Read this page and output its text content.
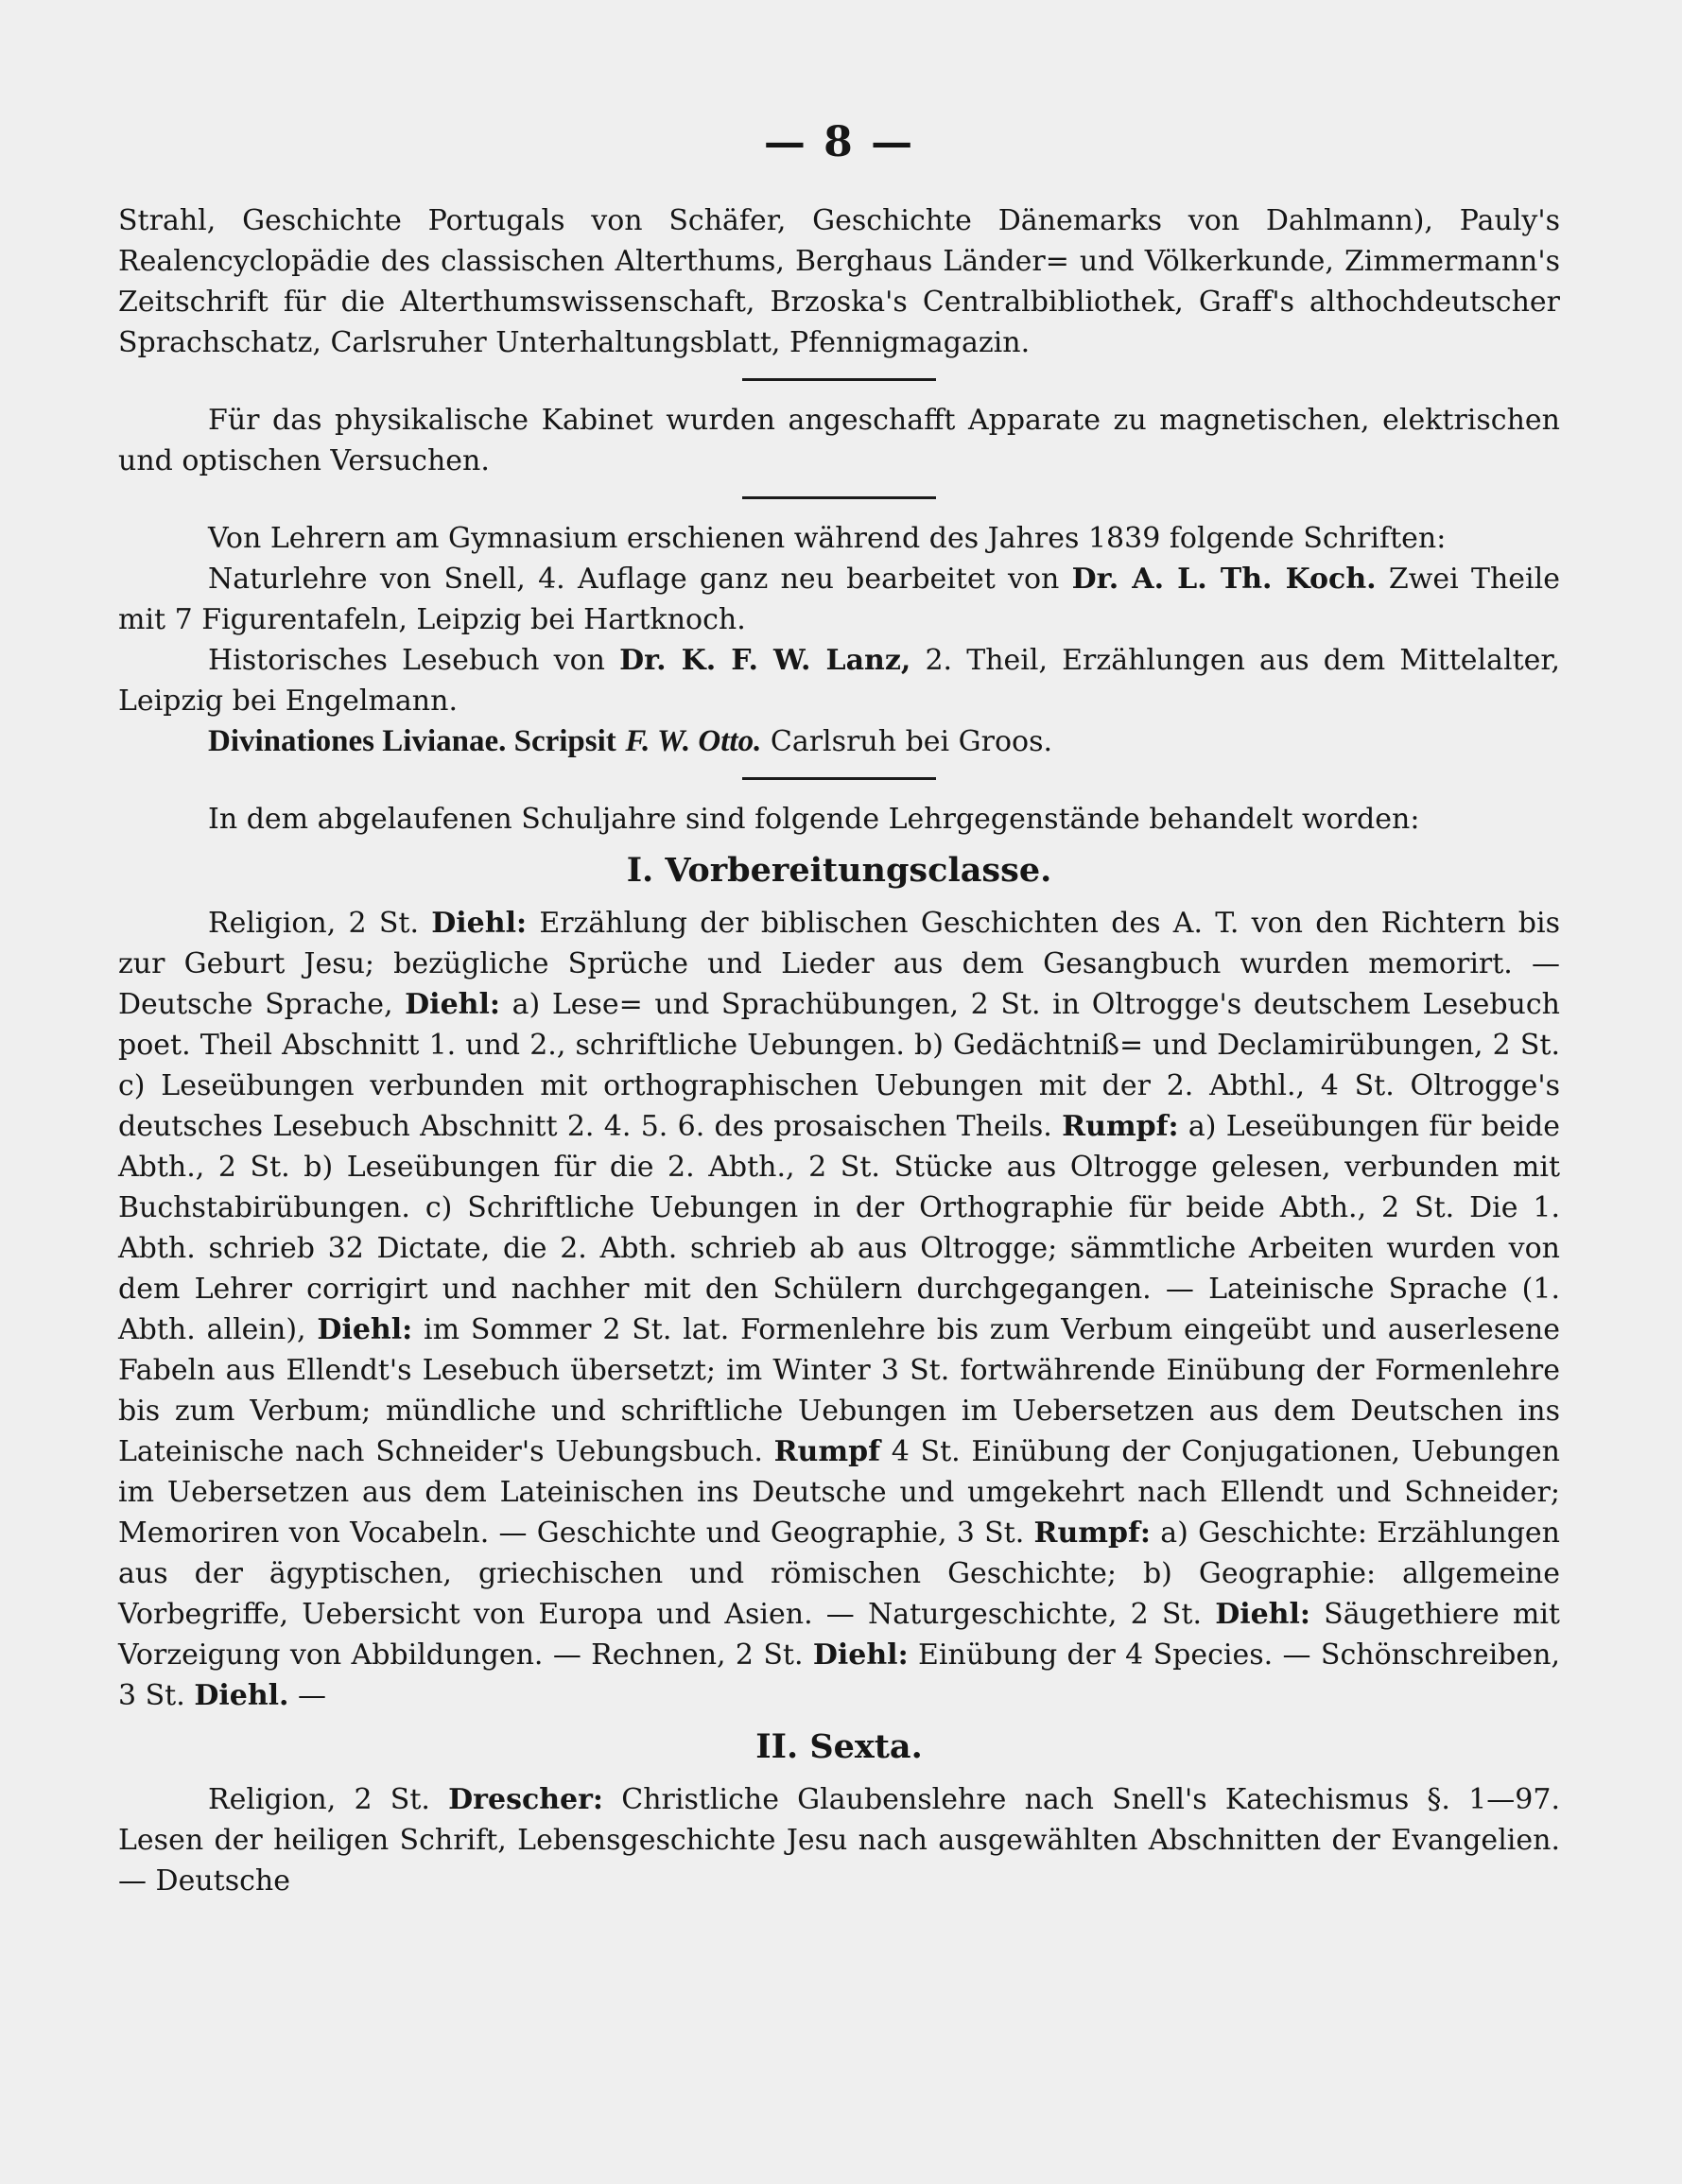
— 8 —

Strahl, Geschichte Portugals von Schäfer, Geschichte Dänemarks von Dahlmann), Pauly's Realencyclopädie des classischen Alterthums, Berghaus Länder= und Völkerkunde, Zimmermann's Zeitschrift für die Alterthumswissenschaft, Brzoska's Centralbibliothek, Graff's althochdeutscher Sprachschatz, Carlsruher Unterhaltungsblatt, Pfennigmagazin.

Für das physikalische Kabinet wurden angeschafft Apparate zu magnetischen, elektrischen und optischen Versuchen.

Von Lehrern am Gymnasium erschienen während des Jahres 1839 folgende Schriften:

Naturlehre von Snell, 4. Auflage ganz neu bearbeitet von Dr. A. L. Th. Koch. Zwei Theile mit 7 Figurentafeln, Leipzig bei Hartknoch.

Historisches Lesebuch von Dr. K. F. W. Lanz, 2. Theil, Erzählungen aus dem Mittelalter, Leipzig bei Engelmann.

Divinationes Livianae. Scripsit F. W. Otto. Carlsruh bei Groos.

In dem abgelaufenen Schuljahre sind folgende Lehrgegenstände behandelt worden:

I. Vorbereitungsclasse.

Religion, 2 St. Diehl: Erzählung der biblischen Geschichten des A. T. von den Richtern bis zur Geburt Jesu; bezügliche Sprüche und Lieder aus dem Gesangbuch wurden memorirt. — Deutsche Sprache, Diehl: a) Lese= und Sprachübungen, 2 St. in Oltrogge's deutschem Lesebuch poet. Theil Abschnitt 1. und 2., schriftliche Uebungen. b) Gedächtniß= und Declamirübungen, 2 St. c) Leseübungen verbunden mit orthographischen Uebungen mit der 2. Abthl., 4 St. Oltrogge's deutsches Lesebuch Abschnitt 2. 4. 5. 6. des prosaischen Theils. Rumpf: a) Leseübungen für beide Abth., 2 St. b) Leseübungen für die 2. Abth., 2 St. Stücke aus Oltrogge gelesen, verbunden mit Buchstabirübungen. c) Schriftliche Uebungen in der Orthographie für beide Abth., 2 St. Die 1. Abth. schrieb 32 Dictate, die 2. Abth. schrieb ab aus Oltrogge; sämmtliche Arbeiten wurden von dem Lehrer corrigirt und nachher mit den Schülern durchgegangen. — Lateinische Sprache (1. Abth. allein), Diehl: im Sommer 2 St. lat. Formenlehre bis zum Verbum eingeübt und auserlesene Fabeln aus Ellendt's Lesebuch übersetzt; im Winter 3 St. fortwährende Einübung der Formenlehre bis zum Verbum; mündliche und schriftliche Uebungen im Uebersetzen aus dem Deutschen ins Lateinische nach Schneider's Uebungsbuch. Rumpf 4 St. Einübung der Conjugationen, Uebungen im Uebersetzen aus dem Lateinischen ins Deutsche und umgekehrt nach Ellendt und Schneider; Memoriren von Vocabeln. — Geschichte und Geographie, 3 St. Rumpf: a) Geschichte: Erzählungen aus der ägyptischen, griechischen und römischen Geschichte; b) Geographie: allgemeine Vorbegriffe, Uebersicht von Europa und Asien. — Naturgeschichte, 2 St. Diehl: Säugethiere mit Vorzeigung von Abbildungen. — Rechnen, 2 St. Diehl: Einübung der 4 Species. — Schönschreiben, 3 St. Diehl. —

II. Sexta.

Religion, 2 St. Drescher: Christliche Glaubenslehre nach Snell's Katechismus §. 1—97. Lesen der heiligen Schrift, Lebensgeschichte Jesu nach ausgewählten Abschnitten der Evangelien. — Deutsche
